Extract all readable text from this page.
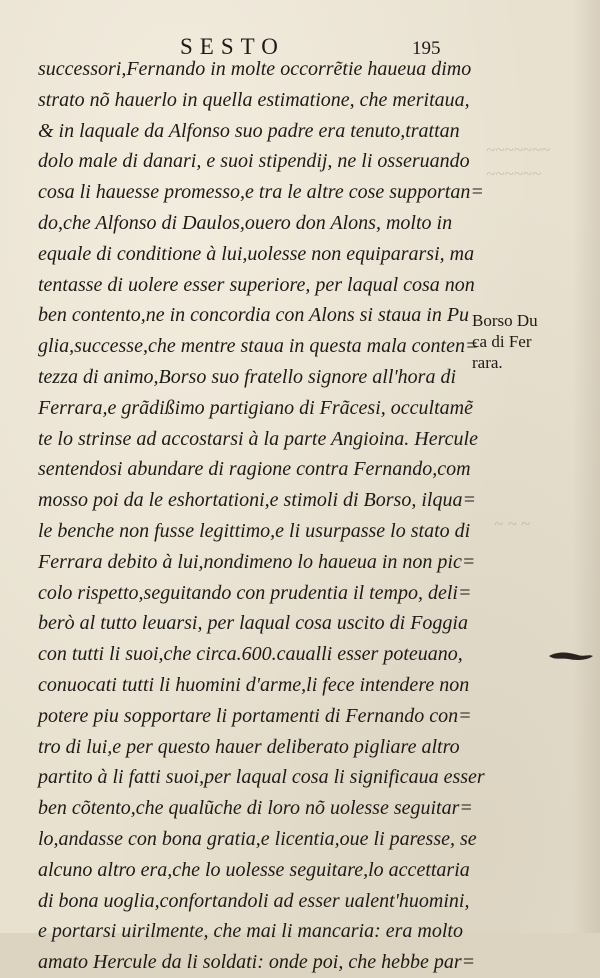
~~~~~~~
~~~~~~
~ ~ ~
SESTO	195
successori,Fernando in molte occorrẽtie haueua dimo
strato nõ hauerlo in quella estimatione, che meritaua,
& in laquale da Alfonso suo padre era tenuto,trattan
dolo male di danari, e suoi stipendij, ne li osseruando
cosa li hauesse promesso,e tra le altre cose supportan=
do,che Alfonso di Daulos,ouero don Alons, molto in
equale di conditione à lui,uolesse non equipararsi, ma
tentasse di uolere esser superiore, per laqual cosa non
ben contento,ne in concordia con Alons si staua in Pu
glia,successe,che mentre staua in questa mala conten=
tezza di animo,Borso suo fratello signore all'hora di
Ferrara,e grãdißimo partigiano di Frãcesi, occultamẽ
te lo strinse ad accostarsi à la parte Angioina. Hercule
sentendosi abundare di ragione contra Fernando,com
mosso poi da le eshortationi,e stimoli di Borso, ilqua=
le benche non fusse legittimo,e li usurpasse lo stato di
Ferrara debito à lui,nondimeno lo haueua in non pic=
colo rispetto,seguitando con prudentia il tempo, deli=
berò al tutto leuarsi, per laqual cosa uscito di Foggia
con tutti li suoi,che circa.600.caualli esser poteuano,
conuocati tutti li huomini d'arme,li fece intendere non
potere piu sopportare li portamenti di Fernando con=
tro di lui,e per questo hauer deliberato pigliare altro
partito à li fatti suoi,per laqual cosa li significaua esser
ben cõtento,che qualũche di loro nõ uolesse seguitar=
lo,andasse con bona gratia,e licentia,oue li paresse, se
alcuno altro era,che lo uolesse seguitare,lo accettaria
di bona uoglia,confortandoli ad esser ualent'huomini,
e portarsi uirilmente, che mai li mancaria: era molto
amato Hercule da li soldati: onde poi, che hebbe par=
Borso Du
ca di Fer
rara.
